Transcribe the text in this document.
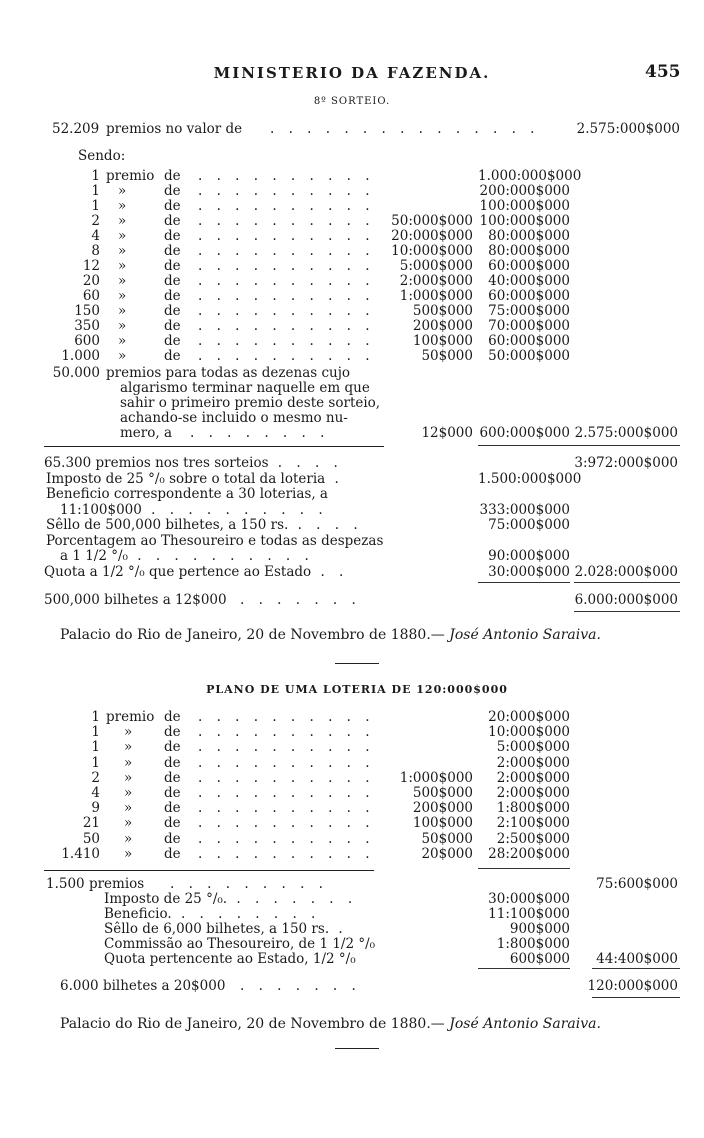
MINISTERIO DA FAZENDA.	455
8º SORTEIO.
52.209 premios no valor de . . . . . . . . . . . . . . .	2.575:000$000
Sendo:
1 premio de . . . . . . . . . .	1.000:000$000
1 »	de . . . . . . . . . .	200:000$000
1 »	de . . . . . . . . . .	100:000$000
2 »	de . . . . . . . . . .	50:000$000 100:000$000
4 »	de . . . . . . . . . .	20:000$000	80:000$000
8 »	de . . . . . . . . . .	10:000$000	80:000$000
12 »	de . . . . . . . . . .	5:000$000	60:000$000
20 »	de . . . . . . . . . .	2:000$000	40:000$000
60 »	de . . . . . . . . . .	1:000$000	60:000$000
150 »	de . . . . . . . . . .	500$000	75:000$000
350 »	de . . . . . . . . . .	200$000	70:000$000
600 »	de . . . . . . . . . .	100$000	60:000$000
1.000 »	de . . . . . . . . . .	50$000	50:000$000
50.000 premios para todas as dezenas cujo
algarismo terminar naquelle em que
sahir o primeiro premio deste sorteio,
achando-se incluido o mesmo nu-
mero, a . . . . . . . .	12$000 600:000$000 2.575:000$000
65.300 premios nos tres sorteios . . . .	3:972:000$000
Imposto de 25 °/₀ sobre o total da loteria .	1.500:000$000
Beneficio correspondente a 30 loterias, a
11:100$000 . . . . . . . . . .	333:000$000
Sêllo de 500,000 bilhetes, a 150 rs. . . . .	75:000$000
Porcentagem ao Thesoureiro e todas as despezas
a 1 1/2 °/₀ . . . . . . . . . .	90:000$000
Quota a 1/2 °/₀ que pertence ao Estado . .	30:000$000 2.028:000$000
500,000 bilhetes a 12$000 . . . . . . .	6.000:000$000
Palacio do Rio de Janeiro, 20 de Novembro de 1880.— José Antonio Saraiva.
PLANO DE UMA LOTERIA DE 120:000$000
1 premio de . . . . . . . . . .	20:000$000
1 » de . . . . . . . . . .	10:000$000
1 » de . . . . . . . . . .	5:000$000
1 » de . . . . . . . . . .	2:000$000
2 » de . . . . . . . . . .	1:000$000	2:000$000
4 » de . . . . . . . . . .	500$000	2:000$000
9 » de . . . . . . . . . .	200$000	1:800$000
21 » de . . . . . . . . . .	100$000	2:100$000
50 » de . . . . . . . . . .	50$000	2:500$000
1.410 » de . . . . . . . . . .	20$000	28:200$000
1.500 premios . . . . . . . . .	75:600$000
Imposto de 25 °/₀. . . . . . . .	30:000$000
Beneficio. . . . . . . . .	11:100$000
Sêllo de 6,000 bilhetes, a 150 rs. .	900$000
Commissão ao Thesoureiro, de 1 1/2 °/₀	1:800$000
Quota pertencente ao Estado, 1/2 °/₀	600$000	44:400$000
6.000 bilhetes a 20$000 . . . . . . .	120:000$000
Palacio do Rio de Janeiro, 20 de Novembro de 1880.— José Antonio Saraiva.
